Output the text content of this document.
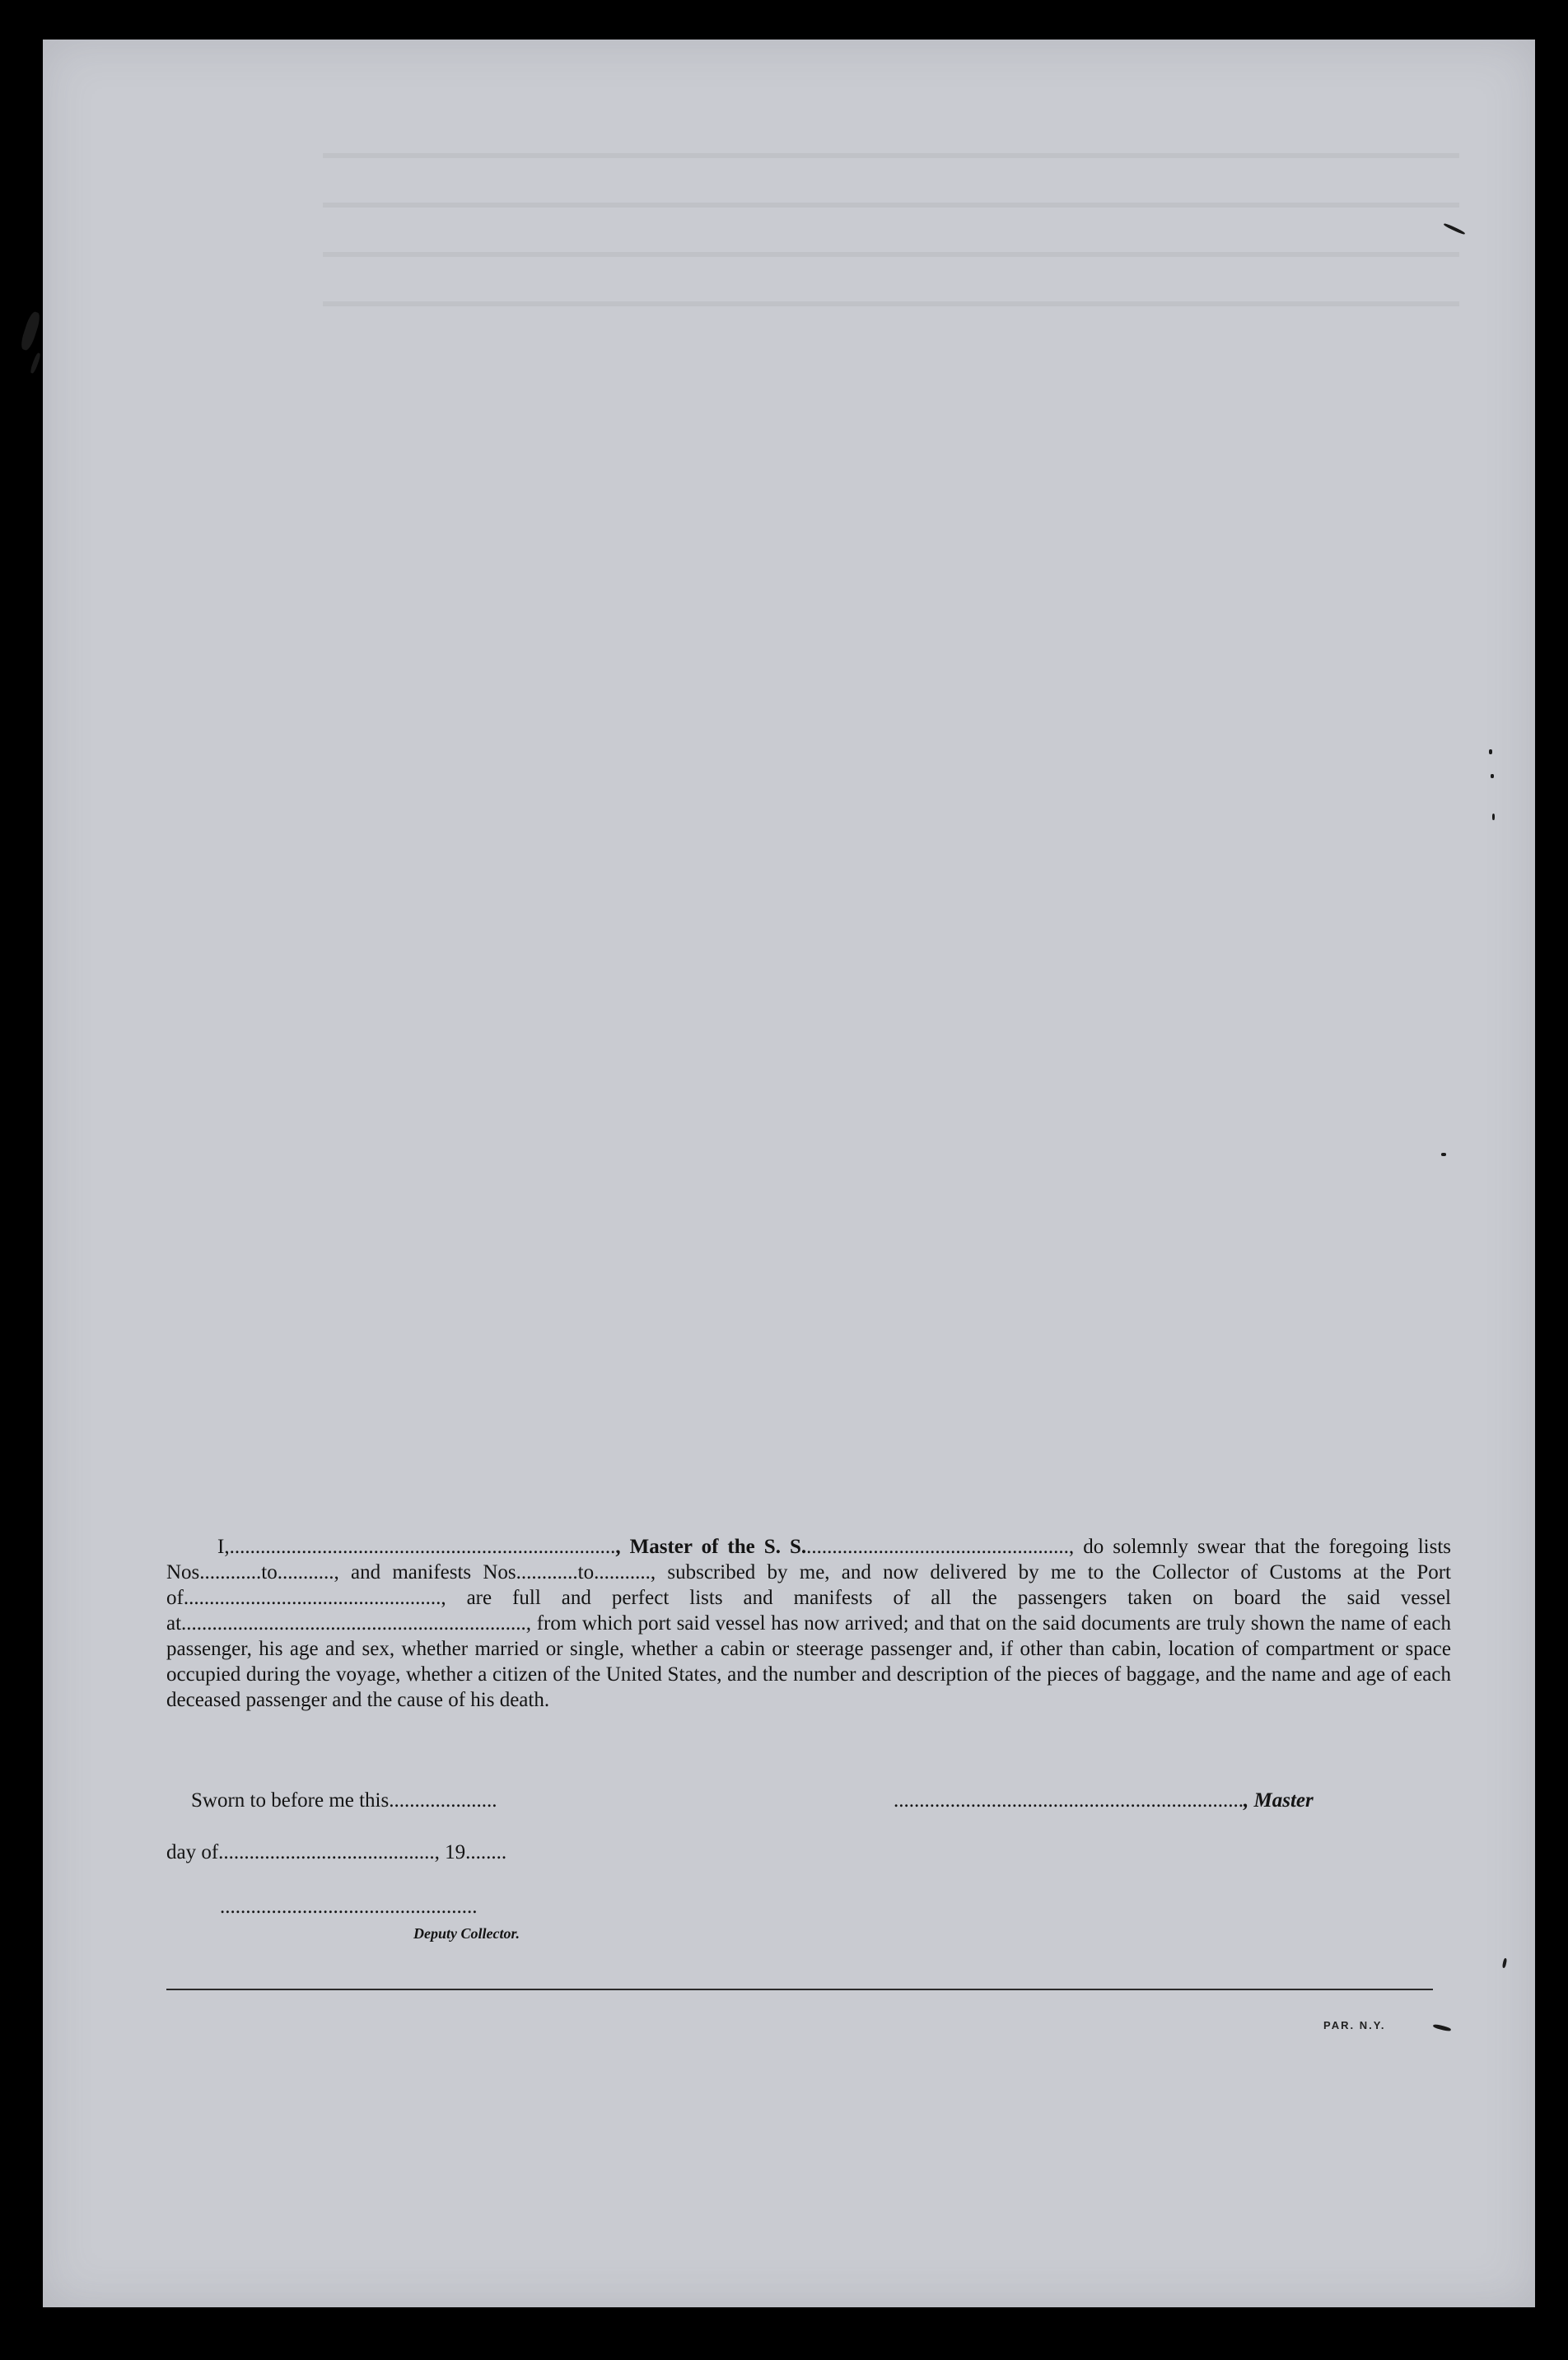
I,..........................................................................., Master of the S. S...................................................., do solemnly swear that the foregoing lists Nos............to..........., and manifests Nos............to..........., subscribed by me, and now delivered by me to the Collector of Customs at the Port of.................................................., are full and perfect lists and manifests of all the passengers taken on board the said vessel at..................................................................., from which port said vessel has now arrived; and that on the said documents are truly shown the name of each passenger, his age and sex, whether married or single, whether a cabin or steerage passenger and, if other than cabin, location of compartment or space occupied during the voyage, whether a citizen of the United States, and the number and description of the pieces of baggage, and the name and age of each deceased passenger and the cause of his death.

Sworn to before me this.....................	...................................................................., Master
day of.........................................., 19........
..................................................
Deputy Collector.
PAR. N.Y.
